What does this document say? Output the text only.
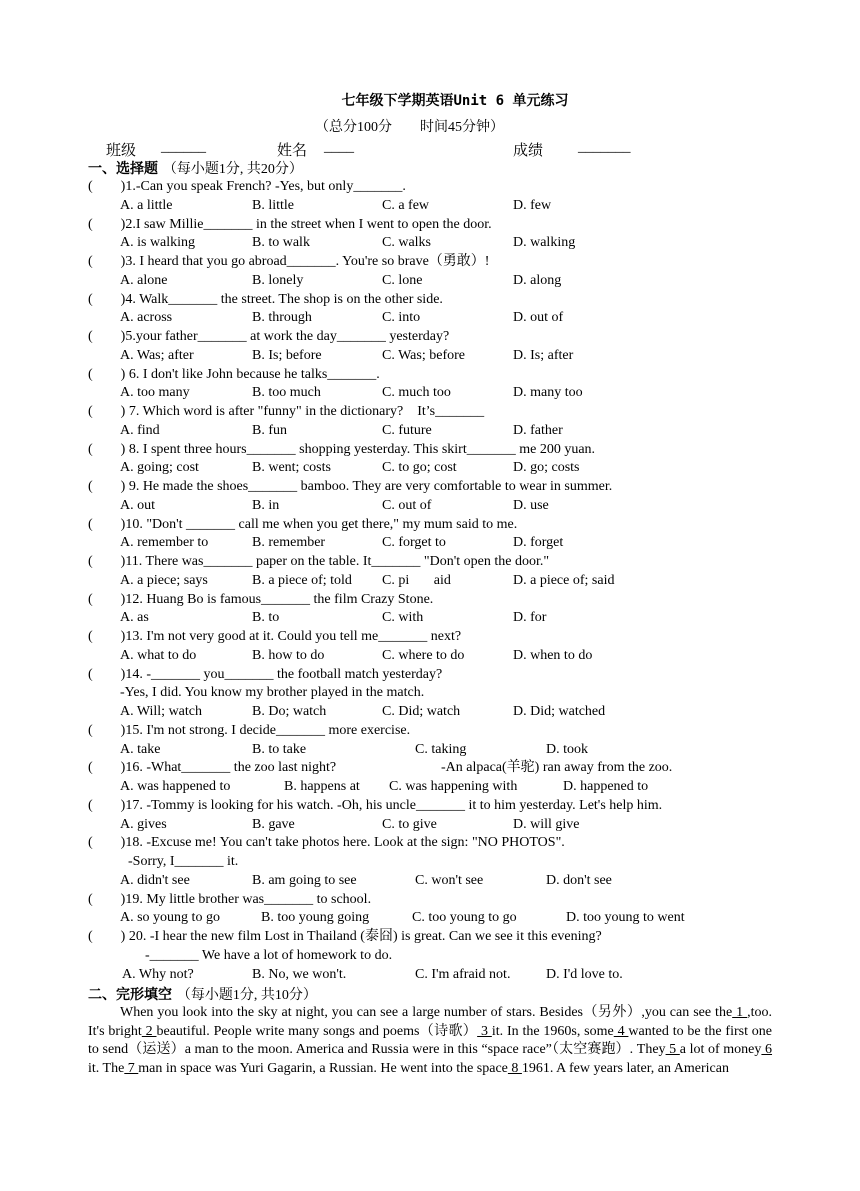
七年级下学期英语Unit 6 单元练习
（总分100分　　时间45分钟）
班级 ______	姓名 ____	成绩 _______
一、选择题 （每小题1分, 共20分）
(        )1.-Can you speak French? -Yes, but only_______.
A. a little	B. little	C. a few	D. few
(        )2.I saw Millie_______ in the street when I went to open the door.
A. is walking	B. to walk	C. walks	D. walking
(        )3. I heard that you go abroad_______. You're so brave（勇敢）!
A. alone	B. lonely	C. lone	D. along
(        )4. Walk_______ the street. The shop is on the other side.
A. across	B. through	C. into	D. out of
(        )5.your father_______ at work the day_______ yesterday?
A. Was; after	B. Is; before	C. Was; before	D. Is; after
(        ) 6. I don't like John because he talks_______.
A. too many	B. too much	C. much too	D. many too
(        ) 7. Which word is after "funny" in the dictionary?    It’s_______
A. find	B. fun	C. future	D. father
(        ) 8. I spent three hours_______ shopping yesterday. This skirt_______ me 200 yuan.
A. going; cost	B. went; costs	C. to go; cost	D. go; costs
(        ) 9. He made the shoes_______ bamboo. They are very comfortable to wear in summer.
A. out	B. in	C. out of	D. use
(        )10. "Don't _______ call me when you get there," my mum said to me.
A. remember to	B. remember	C. forget to	D. forget
(        )11. There was_______ paper on the table. It_______ "Don't open the door."
A. a piece; says	B. a piece of; told C. pi       aid	D. a piece of; said
(        )12. Huang Bo is famous_______ the film Crazy Stone.
A. as	B. to	C. with	D. for
(        )13. I'm not very good at it. Could you tell me_______ next?
A. what to do	B. how to do	C. where to do	D. when to do
(        )14. -_______ you_______ the football match yesterday?
-Yes, I did. You know my brother played in the match.
A. Will; watch	B. Do; watch	C. Did; watch	D. Did; watched
(        )15. I'm not strong. I decide_______ more exercise.
A. take	B. to take	C. taking	D. took
(        )16. -What_______ the zoo last night?	-An alpaca(羊驼) ran away from the zoo.
A. was happened to	B. happens at C. was happening with	D. happened to
(        )17. -Tommy is looking for his watch. -Oh, his uncle_______ it to him yesterday. Let's help him.
A. gives	B. gave	C. to give	D. will give
(        )18. -Excuse me! You can't take photos here. Look at the sign: "NO PHOTOS".
-Sorry, I_______ it.
A. didn't see	B. am going to see	C. won't see	D. don't see
(        )19. My little brother was_______ to school.
A. so young to go	B. too young going	C. too young to go	D. too young to went
(        ) 20. -I hear the new film Lost in Thailand (泰囧) is great. Can we see it this evening?
-_______ We have a lot of homework to do.
A. Why not?	B. No, we won't.	C. I'm afraid not.	D. I'd love to.
二、完形填空 （每小题1分, 共10分）
When you look into the sky at night, you can see a large number of stars. Besides（另外）,you can see the 1 ,too. It's bright 2 beautiful. People write many songs and poems（诗歌） 3 it. In the 1960s, some 4 wanted to be the first one to send（运送）a man to the moon. America and Russia were in this “space race”（太空赛跑）. They 5 a lot of money 6 it. The 7 man in space was Yuri Gagarin, a Russian. He went into the space 8 1961. A few years later, an American
